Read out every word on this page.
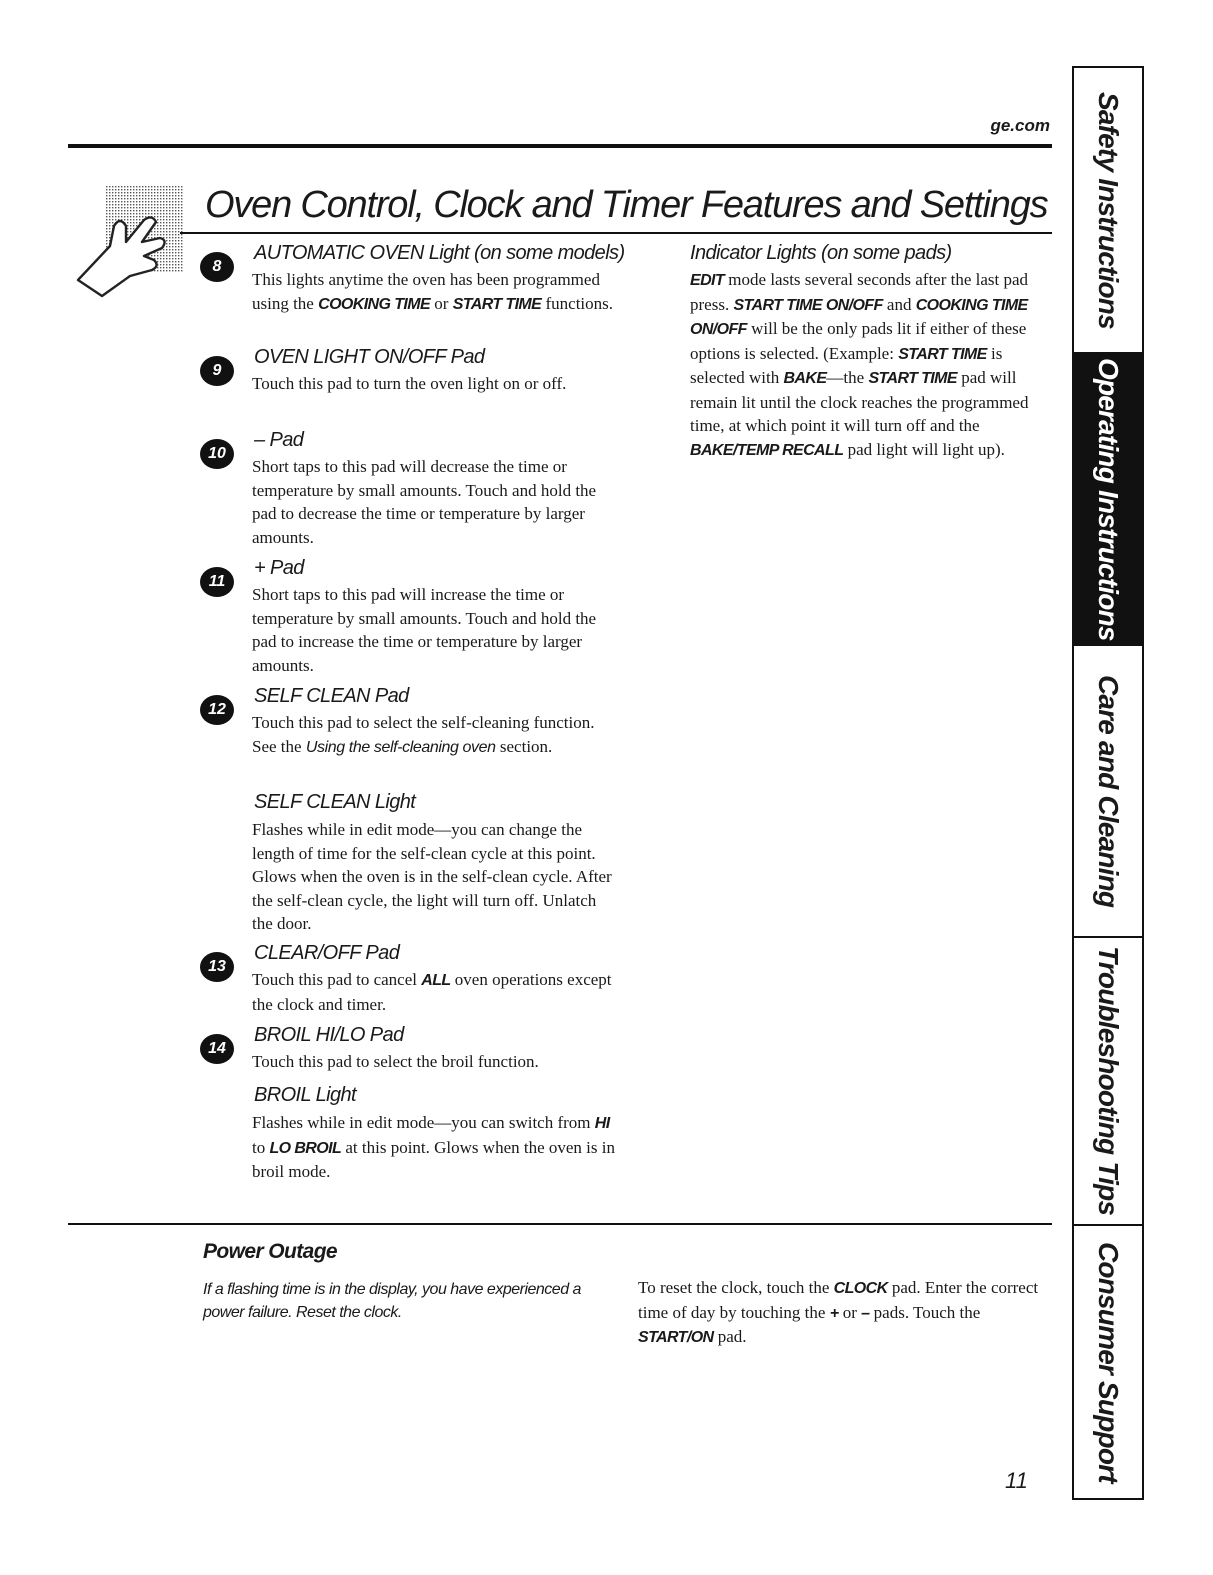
ge.com
Oven Control, Clock and Timer Features and Settings
8
AUTOMATIC OVEN Light (on some models)
This lights anytime the oven has been programmed using the COOKING TIME or START TIME functions.
9
OVEN LIGHT ON/OFF Pad
Touch this pad to turn the oven light on or off.
10
– Pad
Short taps to this pad will decrease the time or temperature by small amounts. Touch and hold the pad to decrease the time or temperature by larger amounts.
11
+ Pad
Short taps to this pad will increase the time or temperature by small amounts. Touch and hold the pad to increase the time or temperature by larger amounts.
12
SELF CLEAN Pad
Touch this pad to select the self-cleaning function. See the Using the self-cleaning oven section.
SELF CLEAN Light
Flashes while in edit mode—you can change the length of time for the self-clean cycle at this point. Glows when the oven is in the self-clean cycle. After the self-clean cycle, the light will turn off. Unlatch the door.
13
CLEAR/OFF Pad
Touch this pad to cancel ALL oven operations except the clock and timer.
14
BROIL HI/LO Pad
Touch this pad to select the broil function.
BROIL Light
Flashes while in edit mode—you can switch from HI to LO BROIL at this point. Glows when the oven is in broil mode.
Indicator Lights (on some pads)
EDIT mode lasts several seconds after the last pad press. START TIME ON/OFF and COOKING TIME ON/OFF will be the only pads lit if either of these options is selected. (Example: START TIME is selected with BAKE—the START TIME pad will remain lit until the clock reaches the programmed time, at which point it will turn off and the BAKE/TEMP RECALL pad light will light up).
Power Outage
If a flashing time is in the display, you have experienced a power failure. Reset the clock.
To reset the clock, touch the CLOCK pad. Enter the correct time of day by touching the + or – pads. Touch the START/ON pad.
11
Safety Instructions
Operating Instructions
Care and Cleaning
Troubleshooting Tips
Consumer Support
